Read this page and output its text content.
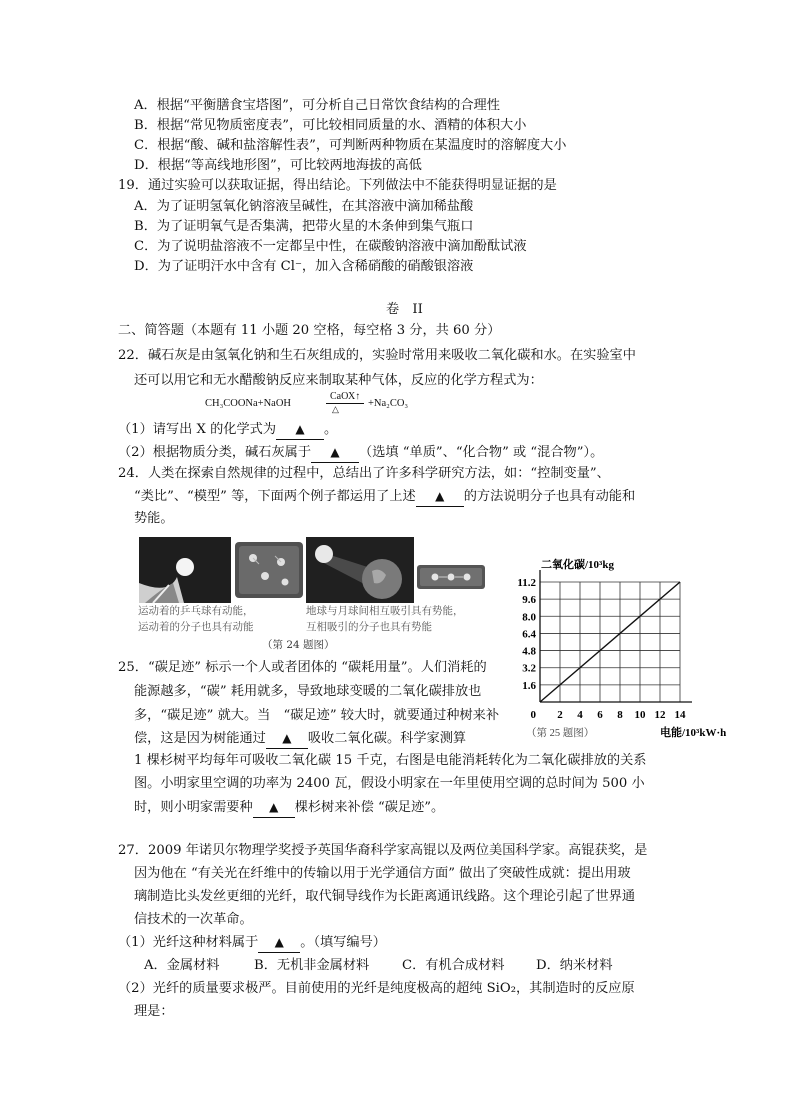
A．根据“平衡膳食宝塔图”，可分析自己日常饮食结构的合理性
B．根据“常见物质密度表”，可比较相同质量的水、酒精的体积大小
C．根据“酸、碱和盐溶解性表”，可判断两种物质在某温度时的溶解度大小
D．根据“等高线地形图”，可比较两地海拔的高低
19．通过实验可以获取证据，得出结论。下列做法中不能获得明显证据的是
A．为了证明氢氧化钠溶液呈碱性，在其溶液中滴加稀盐酸
B．为了证明氧气是否集满，把带火星的木条伸到集气瓶口
C．为了说明盐溶液不一定都呈中性，在碳酸钠溶液中滴加酚酞试液
D．为了证明汗水中含有 Cl⁻，加入含稀硝酸的硝酸银溶液
卷　II
二、简答题（本题有 11 小题 20 空格，每空格 3 分，共 60 分）
22．碱石灰是由氢氧化钠和生石灰组成的，实验时常用来吸收二氧化碳和水。在实验室中
还可以用它和无水醋酸钠反应来制取某种气体，反应的化学方程式为：
CH₃COONa+NaOH
CaO
△
X↑
+Na₂CO₃
（1）请写出 X 的化学式为 ▲ 。
（2）根据物质分类，碱石灰属于 ▲ （选填 “单质”、“化合物” 或 “混合物”）。
24．人类在探索自然规律的过程中，总结出了许多科学研究方法，如：“控制变量”、
“类比”、“模型” 等，下面两个例子都运用了上述 ▲ 的方法说明分子也具有动能和
势能。
运动着的乒乓球有动能，
运动着的分子也具有动能
地球与月球间相互吸引具有势能，
互相吸引的分子也具有势能
（第 24 题图）
1.6
3.2
4.8
6.4
8.0
9.6
11.2
0 2 4 6 8 10 12 14
二氧化碳/10³kg
电能/10³kW·h
（第 25 题图）
25．“碳足迹” 标示一个人或者团体的 “碳耗用量”。人们消耗的
能源越多，“碳” 耗用就多，导致地球变暖的二氧化碳排放也
多，“碳足迹” 就大。当　“碳足迹” 较大时，就要通过种树来补
偿，这是因为树能通过 ▲ 吸收二氧化碳。科学家测算
1 棵杉树平均每年可吸收二氧化碳 15 千克，右图是电能消耗转化为二氧化碳排放的关系
图。小明家里空调的功率为 2400 瓦，假设小明家在一年里使用空调的总时间为 500 小
时，则小明家需要种 ▲ 棵杉树来补偿 “碳足迹”。
27．2009 年诺贝尔物理学奖授予英国华裔科学家高锟以及两位美国科学家。高锟获奖，是
因为他在 “有关光在纤维中的传输以用于光学通信方面” 做出了突破性成就：提出用玻
璃制造比头发丝更细的光纤，取代铜导线作为长距离通讯线路。这个理论引起了世界通
信技术的一次革命。
（1）光纤这种材料属于 ▲ 。（填写编号）
A．金属材料	B．无机非金属材料 C．有机合成材料 D．纳米材料
（2）光纤的质量要求极严。目前使用的光纤是纯度极高的超纯 SiO₂，其制造时的反应原
理是：
